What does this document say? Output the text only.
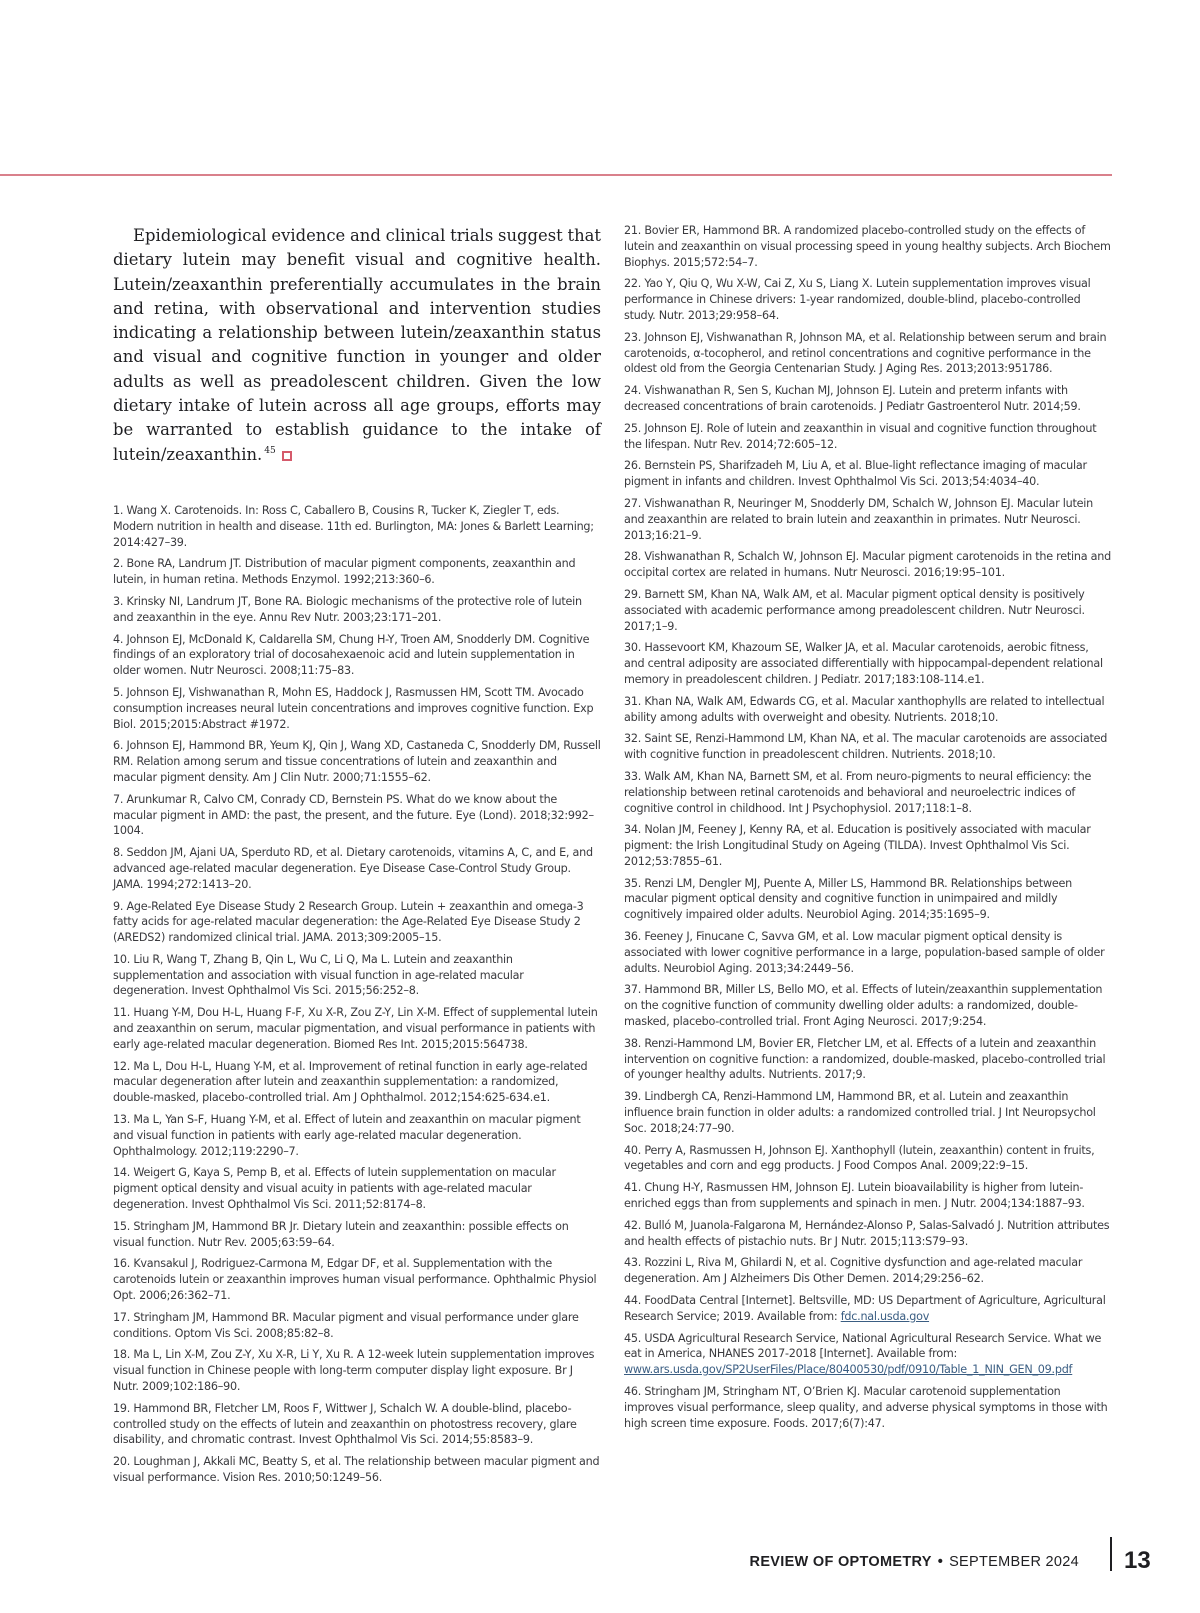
Epidemiological evidence and clinical trials suggest that dietary lutein may benefit visual and cognitive health. Lutein/zeaxanthin preferentially accumulates in the brain and retina, with observational and intervention studies indicating a relationship between lutein/zeaxanthin status and visual and cognitive function in younger and older adults as well as preadolescent children. Given the low dietary intake of lutein across all age groups, efforts may be warranted to establish guidance to the intake of lutein/zeaxanthin. $^{45}$

1. Wang X. Carotenoids. In: Ross C, Caballero B, Cousins R, Tucker K, Ziegler T, eds. Modern nutrition in health and disease. 11th ed. Burlington, MA: Jones & Barlett Learning; 2014:427–39.
2. Bone RA, Landrum JT. Distribution of macular pigment components, zeaxanthin and lutein, in human retina. Methods Enzymol. 1992;213:360–6.
3. Krinsky NI, Landrum JT, Bone RA. Biologic mechanisms of the protective role of lutein and zeaxanthin in the eye. Annu Rev Nutr. 2003;23:171–201.
4. Johnson EJ, McDonald K, Caldarella SM, Chung H-Y, Troen AM, Snodderly DM. Cognitive findings of an exploratory trial of docosahexaenoic acid and lutein supplementation in older women. Nutr Neurosci. 2008;11:75–83.
5. Johnson EJ, Vishwanathan R, Mohn ES, Haddock J, Rasmussen HM, Scott TM. Avocado consumption increases neural lutein concentrations and improves cognitive function. Exp Biol. 2015;2015:Abstract #1972.
6. Johnson EJ, Hammond BR, Yeum KJ, Qin J, Wang XD, Castaneda C, Snodderly DM, Russell RM. Relation among serum and tissue concentrations of lutein and zeaxanthin and macular pigment density. Am J Clin Nutr. 2000;71:1555–62.
7. Arunkumar R, Calvo CM, Conrady CD, Bernstein PS. What do we know about the macular pigment in AMD: the past, the present, and the future. Eye (Lond). 2018;32:992–1004.
8. Seddon JM, Ajani UA, Sperduto RD, et al. Dietary carotenoids, vitamins A, C, and E, and advanced age-related macular degeneration. Eye Disease Case-Control Study Group. JAMA. 1994;272:1413–20.
9. Age-Related Eye Disease Study 2 Research Group. Lutein + zeaxanthin and omega-3 fatty acids for age-related macular degeneration: the Age-Related Eye Disease Study 2 (AREDS2) randomized clinical trial. JAMA. 2013;309:2005–15.
10. Liu R, Wang T, Zhang B, Qin L, Wu C, Li Q, Ma L. Lutein and zeaxanthin supplementation and association with visual function in age-related macular degeneration. Invest Ophthalmol Vis Sci. 2015;56:252–8.
11. Huang Y-M, Dou H-L, Huang F-F, Xu X-R, Zou Z-Y, Lin X-M. Effect of supplemental lutein and zeaxanthin on serum, macular pigmentation, and visual performance in patients with early age-related macular degeneration. Biomed Res Int. 2015;2015:564738.
12. Ma L, Dou H-L, Huang Y-M, et al. Improvement of retinal function in early age-related macular degeneration after lutein and zeaxanthin supplementation: a randomized, double-masked, placebo-controlled trial. Am J Ophthalmol. 2012;154:625-634.e1.
13. Ma L, Yan S-F, Huang Y-M, et al. Effect of lutein and zeaxanthin on macular pigment and visual function in patients with early age-related macular degeneration. Ophthalmology. 2012;119:2290–7.
14. Weigert G, Kaya S, Pemp B, et al. Effects of lutein supplementation on macular pigment optical density and visual acuity in patients with age-related macular degeneration. Invest Ophthalmol Vis Sci. 2011;52:8174–8.
15. Stringham JM, Hammond BR Jr. Dietary lutein and zeaxanthin: possible effects on visual function. Nutr Rev. 2005;63:59–64.
16. Kvansakul J, Rodriguez-Carmona M, Edgar DF, et al. Supplementation with the carotenoids lutein or zeaxanthin improves human visual performance. Ophthalmic Physiol Opt. 2006;26:362–71.
17. Stringham JM, Hammond BR. Macular pigment and visual performance under glare conditions. Optom Vis Sci. 2008;85:82–8.
18. Ma L, Lin X-M, Zou Z-Y, Xu X-R, Li Y, Xu R. A 12-week lutein supplementation improves visual function in Chinese people with long-term computer display light exposure. Br J Nutr. 2009;102:186–90.
19. Hammond BR, Fletcher LM, Roos F, Wittwer J, Schalch W. A double-blind, placebo-controlled study on the effects of lutein and zeaxanthin on photostress recovery, glare disability, and chromatic contrast. Invest Ophthalmol Vis Sci. 2014;55:8583–9.
20. Loughman J, Akkali MC, Beatty S, et al. The relationship between macular pigment and visual performance. Vision Res. 2010;50:1249–56.
21. Bovier ER, Hammond BR. A randomized placebo-controlled study on the effects of lutein and zeaxanthin on visual processing speed in young healthy subjects. Arch Biochem Biophys. 2015;572:54–7.
22. Yao Y, Qiu Q, Wu X-W, Cai Z, Xu S, Liang X. Lutein supplementation improves visual performance in Chinese drivers: 1-year randomized, double-blind, placebo-controlled study. Nutr. 2013;29:958–64.
23. Johnson EJ, Vishwanathan R, Johnson MA, et al. Relationship between serum and brain carotenoids, α-tocopherol, and retinol concentrations and cognitive performance in the oldest old from the Georgia Centenarian Study. J Aging Res. 2013;2013:951786.
24. Vishwanathan R, Sen S, Kuchan MJ, Johnson EJ. Lutein and preterm infants with decreased concentrations of brain carotenoids. J Pediatr Gastroenterol Nutr. 2014;59.
25. Johnson EJ. Role of lutein and zeaxanthin in visual and cognitive function throughout the lifespan. Nutr Rev. 2014;72:605–12.
26. Bernstein PS, Sharifzadeh M, Liu A, et al. Blue-light reflectance imaging of macular pigment in infants and children. Invest Ophthalmol Vis Sci. 2013;54:4034–40.
27. Vishwanathan R, Neuringer M, Snodderly DM, Schalch W, Johnson EJ. Macular lutein and zeaxanthin are related to brain lutein and zeaxanthin in primates. Nutr Neurosci. 2013;16:21–9.
28. Vishwanathan R, Schalch W, Johnson EJ. Macular pigment carotenoids in the retina and occipital cortex are related in humans. Nutr Neurosci. 2016;19:95–101.
29. Barnett SM, Khan NA, Walk AM, et al. Macular pigment optical density is positively associated with academic performance among preadolescent children. Nutr Neurosci. 2017;1–9.
30. Hassevoort KM, Khazoum SE, Walker JA, et al. Macular carotenoids, aerobic fitness, and central adiposity are associated differentially with hippocampal-dependent relational memory in preadolescent children. J Pediatr. 2017;183:108-114.e1.
31. Khan NA, Walk AM, Edwards CG, et al. Macular xanthophylls are related to intellectual ability among adults with overweight and obesity. Nutrients. 2018;10.
32. Saint SE, Renzi-Hammond LM, Khan NA, et al. The macular carotenoids are associated with cognitive function in preadolescent children. Nutrients. 2018;10.
33. Walk AM, Khan NA, Barnett SM, et al. From neuro-pigments to neural efficiency: the relationship between retinal carotenoids and behavioral and neuroelectric indices of cognitive control in childhood. Int J Psychophysiol. 2017;118:1–8.
34. Nolan JM, Feeney J, Kenny RA, et al. Education is positively associated with macular pigment: the Irish Longitudinal Study on Ageing (TILDA). Invest Ophthalmol Vis Sci. 2012;53:7855–61.
35. Renzi LM, Dengler MJ, Puente A, Miller LS, Hammond BR. Relationships between macular pigment optical density and cognitive function in unimpaired and mildly cognitively impaired older adults. Neurobiol Aging. 2014;35:1695–9.
36. Feeney J, Finucane C, Savva GM, et al. Low macular pigment optical density is associated with lower cognitive performance in a large, population-based sample of older adults. Neurobiol Aging. 2013;34:2449–56.
37. Hammond BR, Miller LS, Bello MO, et al. Effects of lutein/zeaxanthin supplementation on the cognitive function of community dwelling older adults: a randomized, double-masked, placebo-controlled trial. Front Aging Neurosci. 2017;9:254.
38. Renzi-Hammond LM, Bovier ER, Fletcher LM, et al. Effects of a lutein and zeaxanthin intervention on cognitive function: a randomized, double-masked, placebo-controlled trial of younger healthy adults. Nutrients. 2017;9.
39. Lindbergh CA, Renzi-Hammond LM, Hammond BR, et al. Lutein and zeaxanthin influence brain function in older adults: a randomized controlled trial. J Int Neuropsychol Soc. 2018;24:77–90.
40. Perry A, Rasmussen H, Johnson EJ. Xanthophyll (lutein, zeaxanthin) content in fruits, vegetables and corn and egg products. J Food Compos Anal. 2009;22:9–15.
41. Chung H-Y, Rasmussen HM, Johnson EJ. Lutein bioavailability is higher from lutein-enriched eggs than from supplements and spinach in men. J Nutr. 2004;134:1887–93.
42. Bulló M, Juanola-Falgarona M, Hernández-Alonso P, Salas-Salvadó J. Nutrition attributes and health effects of pistachio nuts. Br J Nutr. 2015;113:S79–93.
43. Rozzini L, Riva M, Ghilardi N, et al. Cognitive dysfunction and age-related macular degeneration. Am J Alzheimers Dis Other Demen. 2014;29:256–62.
44. FoodData Central [Internet]. Beltsville, MD: US Department of Agriculture, Agricultural Research Service; 2019. Available from: fdc.nal.usda.gov
45. USDA Agricultural Research Service, National Agricultural Research Service. What we eat in America, NHANES 2017-2018 [Internet]. Available from: www.ars.usda.gov/SP2UserFiles/Place/80400530/pdf/0910/Table_1_NIN_GEN_09.pdf
46. Stringham JM, Stringham NT, O’Brien KJ. Macular carotenoid supplementation improves visual performance, sleep quality, and adverse physical symptoms in those with high screen time exposure. Foods. 2017;6(7):47.
REVIEW OF OPTOMETRY • SEPTEMBER 2024 13
